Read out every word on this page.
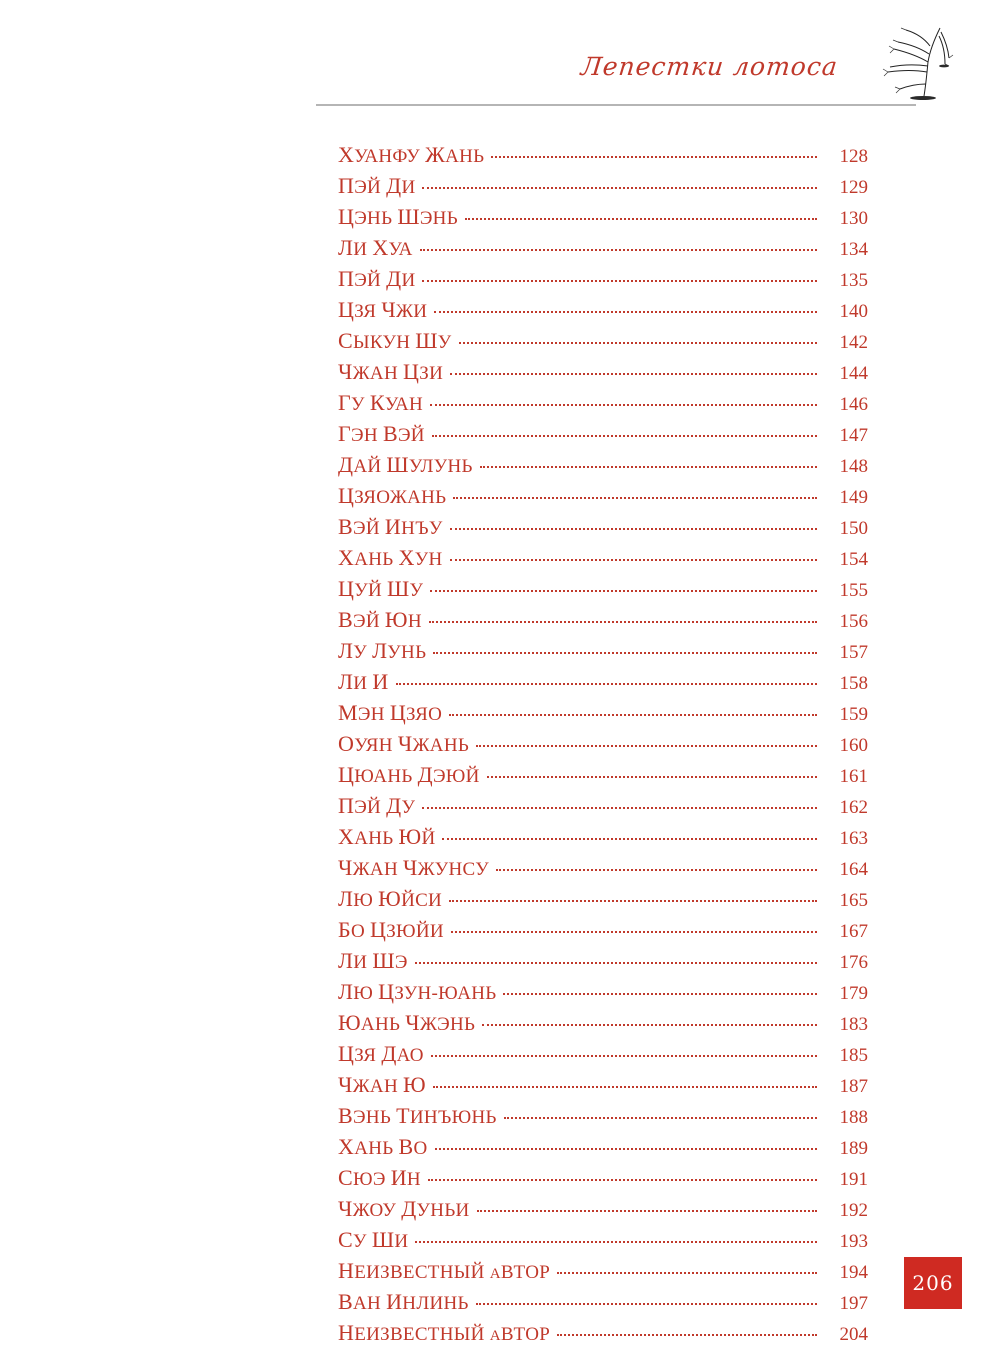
Лепестки лотоса
ХУАНФУ ЖАНЬ	128
ПЭЙ ДИ	129
ЦЭНЬ ШЭНЬ	130
ЛИ ХУА	134
ПЭЙ ДИ	135
ЦЗЯ ЧЖИ	140
СЫКУН ШУ	142
ЧЖАН ЦЗИ	144
ГУ КУАН	146
ГЭН ВЭЙ	147
ДАЙ ШУЛУНЬ	148
ЦЗЯОЖАНЬ	149
ВЭЙ ИНЪУ	150
ХАНЬ ХУН	154
ЦУЙ ШУ	155
ВЭЙ ЮН	156
ЛУ ЛУНЬ	157
ЛИ И	158
МЭН ЦЗЯО	159
ОУЯН ЧЖАНЬ	160
ЦЮАНЬ ДЭЮЙ	161
ПЭЙ ДУ	162
ХАНЬ ЮЙ	163
ЧЖАН ЧЖУНСУ	164
ЛЮ ЮЙСИ	165
БО ЦЗЮЙИ	167
ЛИ ШЭ	176
ЛЮ ЦЗУН-ЮАНЬ	179
ЮАНЬ ЧЖЭНЬ	183
ЦЗЯ ДАО	185
ЧЖАН Ю	187
ВЭНЬ ТИНЪЮНЬ	188
ХАНЬ ВО	189
СЮЭ ИН	191
ЧЖОУ ДУНЬИ	192
СУ ШИ	193
НЕИЗВЕСТНЫЙ аВТОР	194
ВАН ИНЛИНЬ	197
НЕИЗВЕСТНЫЙ аВТОР	204
206
